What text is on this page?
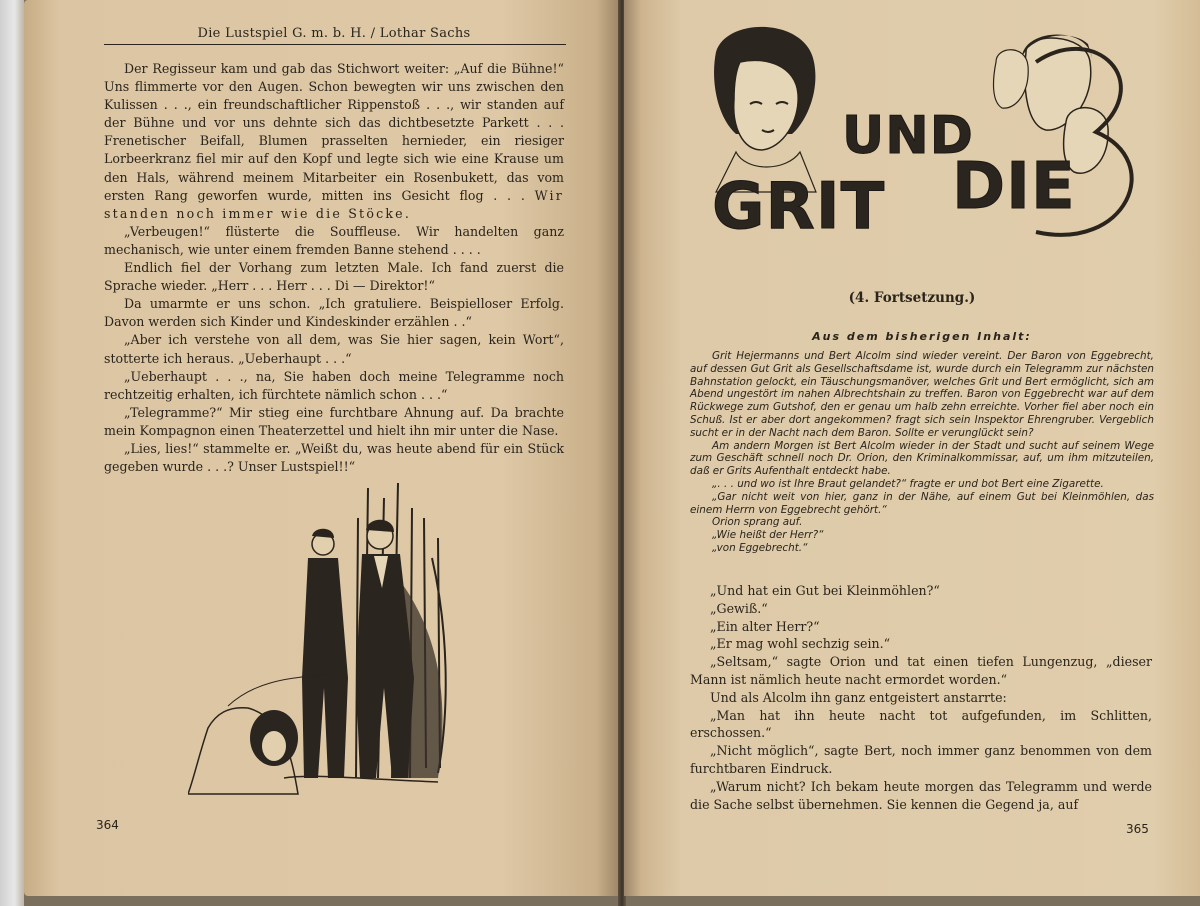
Die Lustspiel G. m. b. H. / Lothar Sachs

Der Regisseur kam und gab das Stichwort weiter: „Auf die Bühne!“ Uns flimmerte vor den Augen. Schon bewegten wir uns zwischen den Kulissen . . ., ein freundschaftlicher Rippenstoß . . ., wir standen auf der Bühne und vor uns dehnte sich das dichtbesetzte Parkett . . . Frenetischer Beifall, Blumen prasselten hernieder, ein riesiger Lorbeerkranz fiel mir auf den Kopf und legte sich wie eine Krause um den Hals, während meinem Mitarbeiter ein Rosenbukett, das vom ersten Rang geworfen wurde, mitten ins Gesicht flog . . . Wir standen noch immer wie die Stöcke.

„Verbeugen!“ flüsterte die Souffleuse. Wir handelten ganz mechanisch, wie unter einem fremden Banne stehend . . . .

Endlich fiel der Vorhang zum letzten Male. Ich fand zuerst die Sprache wieder. „Herr . . . Herr . . . Di — Direktor!“

Da umarmte er uns schon. „Ich gratuliere. Beispielloser Erfolg. Davon werden sich Kinder und Kindeskinder erzählen . .“

„Aber ich verstehe von all dem, was Sie hier sagen, kein Wort“, stotterte ich heraus. „Ueberhaupt . . .“

„Ueberhaupt . . ., na, Sie haben doch meine Telegramme noch rechtzeitig erhalten, ich fürchtete nämlich schon . . .“

„Telegramme?“ Mir stieg eine furchtbare Ahnung auf. Da brachte mein Kompagnon einen Theaterzettel und hielt ihn mir unter die Nase.

„Lies, lies!“ stammelte er. „Weißt du, was heute abend für ein Stück gegeben wurde . . .? Unser Lustspiel!!“

364
GRIT
UND
DIE
(4. Fortsetzung.)
Aus dem bisherigen Inhalt:

Grit Hejermanns und Bert Alcolm sind wieder vereint. Der Baron von Eggebrecht, auf dessen Gut Grit als Gesellschaftsdame ist, wurde durch ein Telegramm zur nächsten Bahnstation gelockt, ein Täuschungsmanöver, welches Grit und Bert ermöglicht, sich am Abend ungestört im nahen Albrechtshain zu treffen. Baron von Eggebrecht war auf dem Rückwege zum Gutshof, den er genau um halb zehn erreichte. Vorher fiel aber noch ein Schuß. Ist er aber dort angekommen? fragt sich sein Inspektor Ehrengruber. Vergeblich sucht er in der Nacht nach dem Baron. Sollte er verunglückt sein?

Am andern Morgen ist Bert Alcolm wieder in der Stadt und sucht auf seinem Wege zum Geschäft schnell noch Dr. Orion, den Kriminalkommissar, auf, um ihm mitzuteilen, daß er Grits Aufenthalt entdeckt habe.

„. . . und wo ist Ihre Braut gelandet?“ fragte er und bot Bert eine Zigarette.

„Gar nicht weit von hier, ganz in der Nähe, auf einem Gut bei Kleinmöhlen, das einem Herrn von Eggebrecht gehört.“

Orion sprang auf.

„Wie heißt der Herr?“

„von Eggebrecht.“

„Und hat ein Gut bei Kleinmöhlen?“

„Gewiß.“

„Ein alter Herr?“

„Er mag wohl sechzig sein.“

„Seltsam,“ sagte Orion und tat einen tiefen Lungenzug, „dieser Mann ist nämlich heute nacht ermordet worden.“

Und als Alcolm ihn ganz entgeistert anstarrte:

„Man hat ihn heute nacht tot aufgefunden, im Schlitten, erschossen.“

„Nicht möglich“, sagte Bert, noch immer ganz benommen von dem furchtbaren Eindruck.

„Warum nicht? Ich bekam heute morgen das Telegramm und werde die Sache selbst übernehmen. Sie kennen die Gegend ja, auf

365
